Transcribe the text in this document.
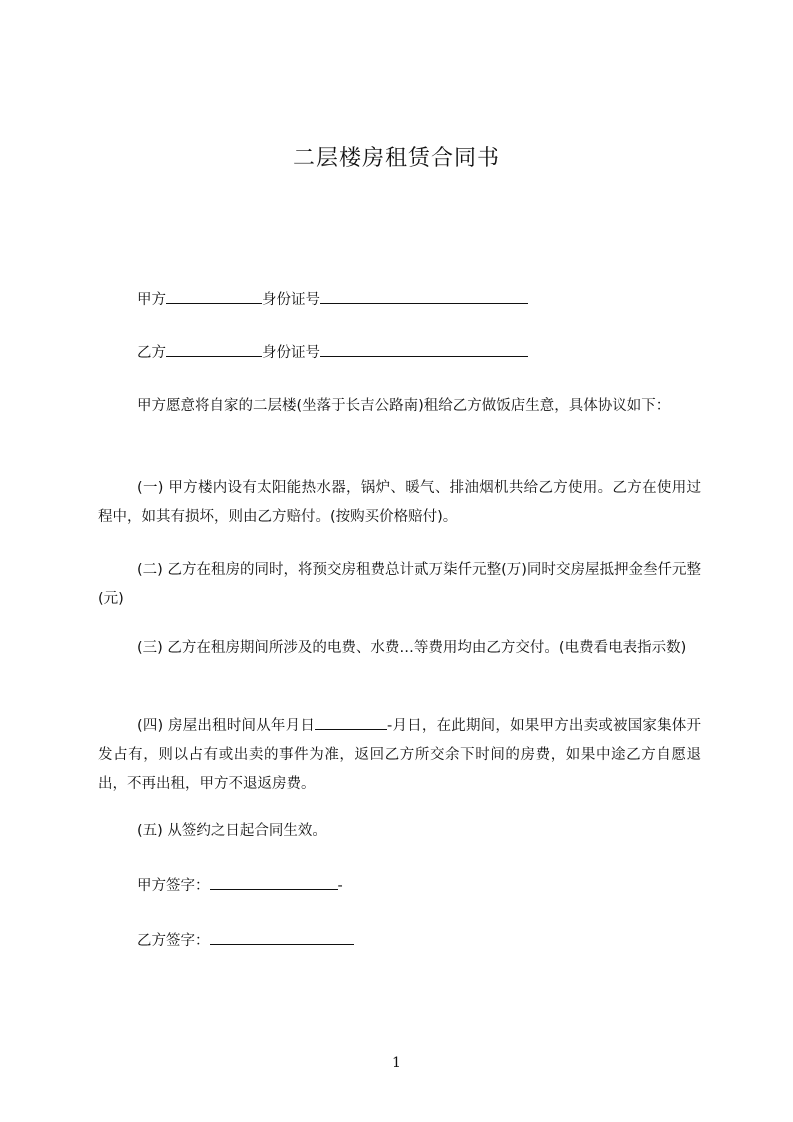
二层楼房租赁合同书

甲方	身份证号

乙方	身份证号

甲方愿意将自家的二层楼(坐落于长吉公路南)租给乙方做饭店生意，具体协议如下：

(一) 甲方楼内设有太阳能热水器，锅炉、暖气、排油烟机共给乙方使用。乙方在使用过程中，如其有损坏，则由乙方赔付。(按购买价格赔付)。

(二) 乙方在租房的同时，将预交房租费总计贰万柒仟元整(万)同时交房屋抵押金叁仟元整(元)

(三) 乙方在租房期间所涉及的电费、水费…等费用均由乙方交付。(电费看电表指示数)

(四) 房屋出租时间从年月日	-月日，在此期间，如果甲方出卖或被国家集体开发占有，则以占有或出卖的事件为准，返回乙方所交余下时间的房费，如果中途乙方自愿退出，不再出租，甲方不退返房费。

(五) 从签约之日起合同生效。

甲方签字：	-

乙方签字：

1
